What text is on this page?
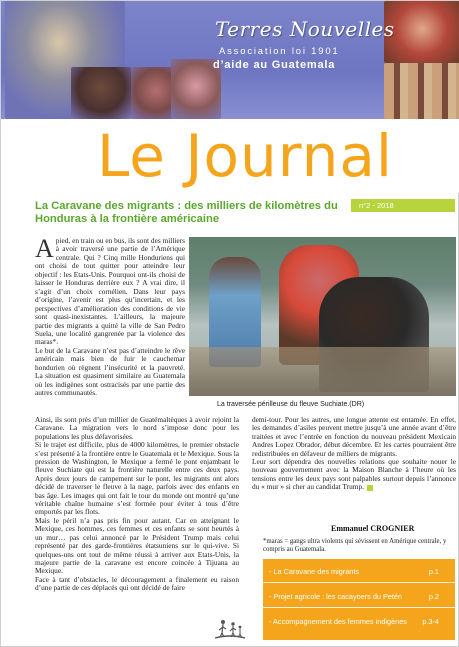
Terres Nouvelles
Association loi 1901
d’aide au Guatemala
Le Journal
La Caravane des migrants : des milliers de kilomètres du Honduras à la frontière américaine
n°2 - 2018
A pied, en train ou en bus, ils sont des milliers à avoir traversé une partie de l’Amérique centrale. Qui ? Cinq mille Honduriens qui ont choisi de tout quitter pour atteindre leur objectif : les Etats-Unis. Pourquoi ont-ils choisi de laisser le Honduras derrière eux ? A vrai dire, il s’agit d’un choix cornélien. Dans leur pays d’origine, l’avenir est plus qu’incertain, et les perspectives d’amélioration des conditions de vie sont quasi-inexistantes. L’ailleurs, la majeure partie des migrants a quitté la ville de San Pedro Suela, une localité gangrenée par la violence des maras*.

Le but de la Caravane n’est pas d’atteindre le rêve américain mais bien de fuir le cauchemar hondurien où règnent l’insécurité et la pauvreté. La situation est quasiment similaire au Guatemala où les indigènes sont ostracisés par une partie des autres communautés.

La traversée périlleuse du fleuve Suchiate.(DR)

Ainsi, ils sont près d’un millier de Guatémaltèques à avoir rejoint la Caravane. La migration vers le nord s’impose donc pour les populations les plus défavorisées.

Si le trajet est difficile, plus de 4000 kilomètres, le premier obstacle s’est présenté à la frontière entre le Guatemala et le Mexique. Sous la pression de Washington, le Mexique a fermé le pont enjambant le fleuve Suchiate qui est la frontière naturelle entre ces deux pays. Après deux jours de campement sur le pont, les migrants ont alors décidé de traverser le fleuve à la nage, parfois avec des enfants en bas âge. Les images qui ont fait le tour du monde ont montré qu’une véritable chaîne humaine s’est formée pour éviter à tous d’être emportés par les flots.

Mais le péril n’a pas pris fin pour autant. Car en atteignant le Mexique, ces hommes, ces femmes et ces enfants se sont heurtés à un mur… pas celui annoncé par le Président Trump mais celui représenté par des garde-frontières étatsuniens sur le qui-vive. Si quelques-uns ont tout de même réussi à arriver aux Etats-Unis, la majeure partie de la caravane est encore coincée à Tijuana au Mexique.

Face à tant d’obstacles, le découragement a finalement eu raison d’une partie de ces déplacés qui ont décidé de faire

demi-tour. Pour les autres, une longue attente est entamée. En effet, les demandes d’asiles peuvent mettre jusqu’à une année avant d’être traitées et avec l’entrée en fonction du nouveau président Mexicain Andres Lopez Obrador, début décembre. Et les cartes pourraient être redistribuées en défaveur de milliers de migrants.

Leur sort dépendra des nouvelles relations que souhaite nouer le nouveau gouvernement avec la Maison Blanche à l’heure où les tensions entre les deux pays sont palpables surtout depuis l’annonce du « mur » si cher au candidat Trump.

Emmanuel CROGNIER
*maras = gangs ultra violents qui sévissent en Amérique centrale, y compris au Guatemala.
- La Caravane des migrants	p.1
- Projet agricole : les cacayoers du Petén	p.2
- Accompagnement des femmes indigènes p.3-4
